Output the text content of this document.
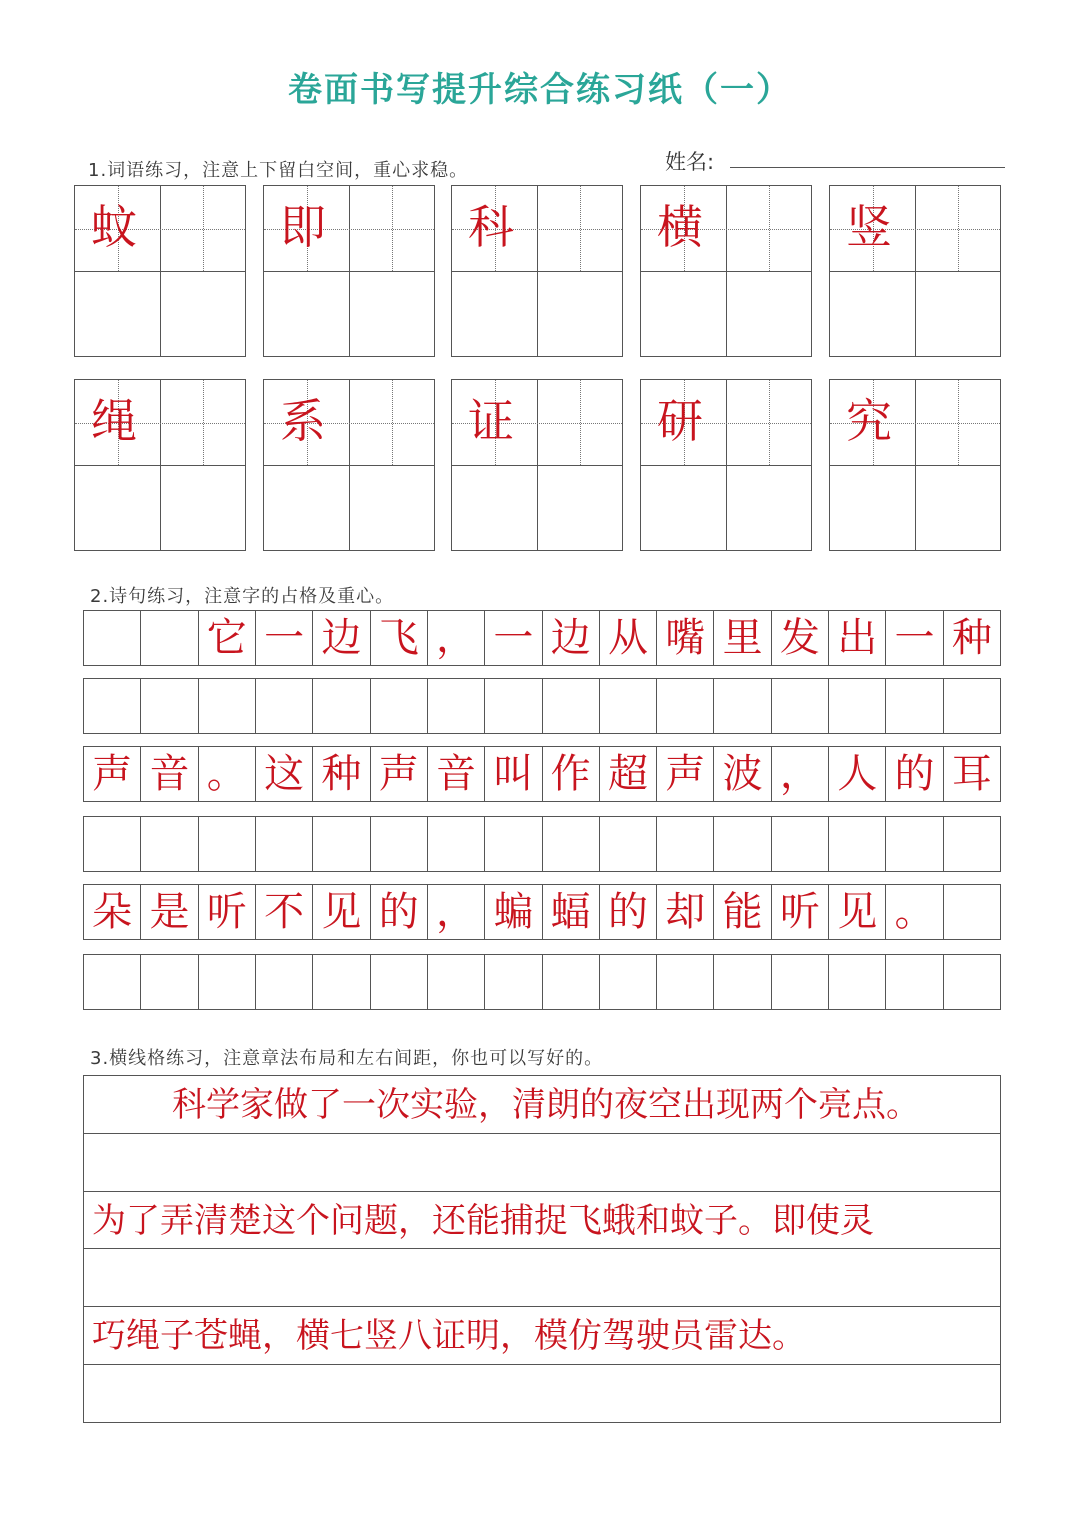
卷面书写提升综合练习纸（一）
1.词语练习，注意上下留白空间，重心求稳。	姓名:
蚊	即	科	横	竖
绳	系	证	研	究
2.诗句练习，注意字的占格及重心。
它 一 边 飞 ， 一 边 从 嘴 里 发 出 一 种
声 音 。 这 种 声 音 叫 作 超 声 波 ， 人 的 耳
朵 是 听 不 见 的 ， 蝙 蝠 的 却 能 听 见 。
3.横线格练习，注意章法布局和左右间距，你也可以写好的。
科学家做了一次实验，清朗的夜空出现两个亮点。
为了弄清楚这个问题，还能捕捉飞蛾和蚊子。即使灵
巧绳子苍蝇，横七竖八证明，模仿驾驶员雷达。
